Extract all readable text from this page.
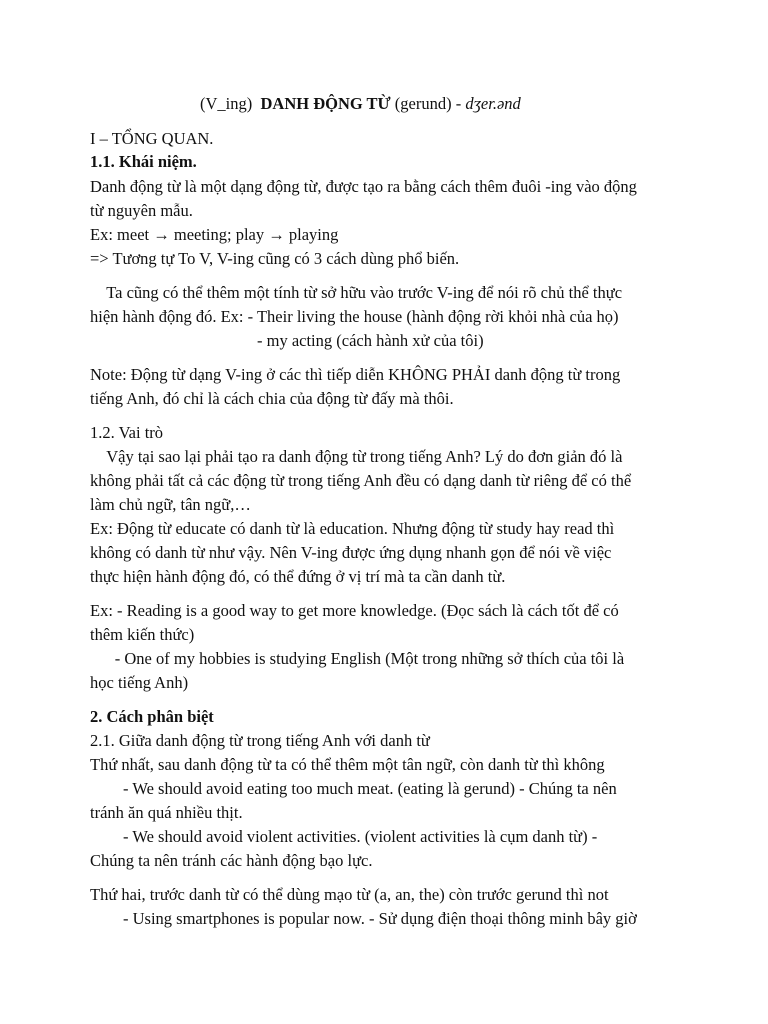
(V_ing)  DANH ĐỘNG TỪ (gerund) - dʒer.ənd
I – TỔNG QUAN.
1.1. Khái niệm.
Danh động từ là một dạng động từ, được tạo ra bằng cách thêm đuôi -ing vào động
từ nguyên mẫu.
Ex: meet → meeting; play → playing
=> Tương tự To V, V-ing cũng có 3 cách dùng phổ biến.
Ta cũng có thể thêm một tính từ sở hữu vào trước V-ing để nói rõ chủ thể thực
hiện hành động đó. Ex: - Their living the house (hành động rời khỏi nhà của họ)
- my acting (cách hành xử của tôi)
Note: Động từ dạng V-ing ở các thì tiếp diễn KHÔNG PHẢI danh động từ trong
tiếng Anh, đó chỉ là cách chia của động từ đấy mà thôi.
1.2. Vai trò
Vậy tại sao lại phải tạo ra danh động từ trong tiếng Anh? Lý do đơn giản đó là
không phải tất cả các động từ trong tiếng Anh đều có dạng danh từ riêng để có thể
làm chủ ngữ, tân ngữ,…
Ex: Động từ educate có danh từ là education. Nhưng động từ study hay read thì
không có danh từ như vậy. Nên V-ing được ứng dụng nhanh gọn để nói về việc
thực hiện hành động đó, có thể đứng ở vị trí mà ta cần danh từ.
Ex: - Reading is a good way to get more knowledge. (Đọc sách là cách tốt để có
thêm kiến thức)
- One of my hobbies is studying English (Một trong những sở thích của tôi là
học tiếng Anh)
2. Cách phân biệt
2.1. Giữa danh động từ trong tiếng Anh với danh từ
Thứ nhất, sau danh động từ ta có thể thêm một tân ngữ, còn danh từ thì không
- We should avoid eating too much meat. (eating là gerund) - Chúng ta nên
tránh ăn quá nhiều thịt.
- We should avoid violent activities. (violent activities là cụm danh từ) -
Chúng ta nên tránh các hành động bạo lực.
Thứ hai, trước danh từ có thể dùng mạo từ (a, an, the) còn trước gerund thì not
- Using smartphones is popular now. - Sử dụng điện thoại thông minh bây giờ
